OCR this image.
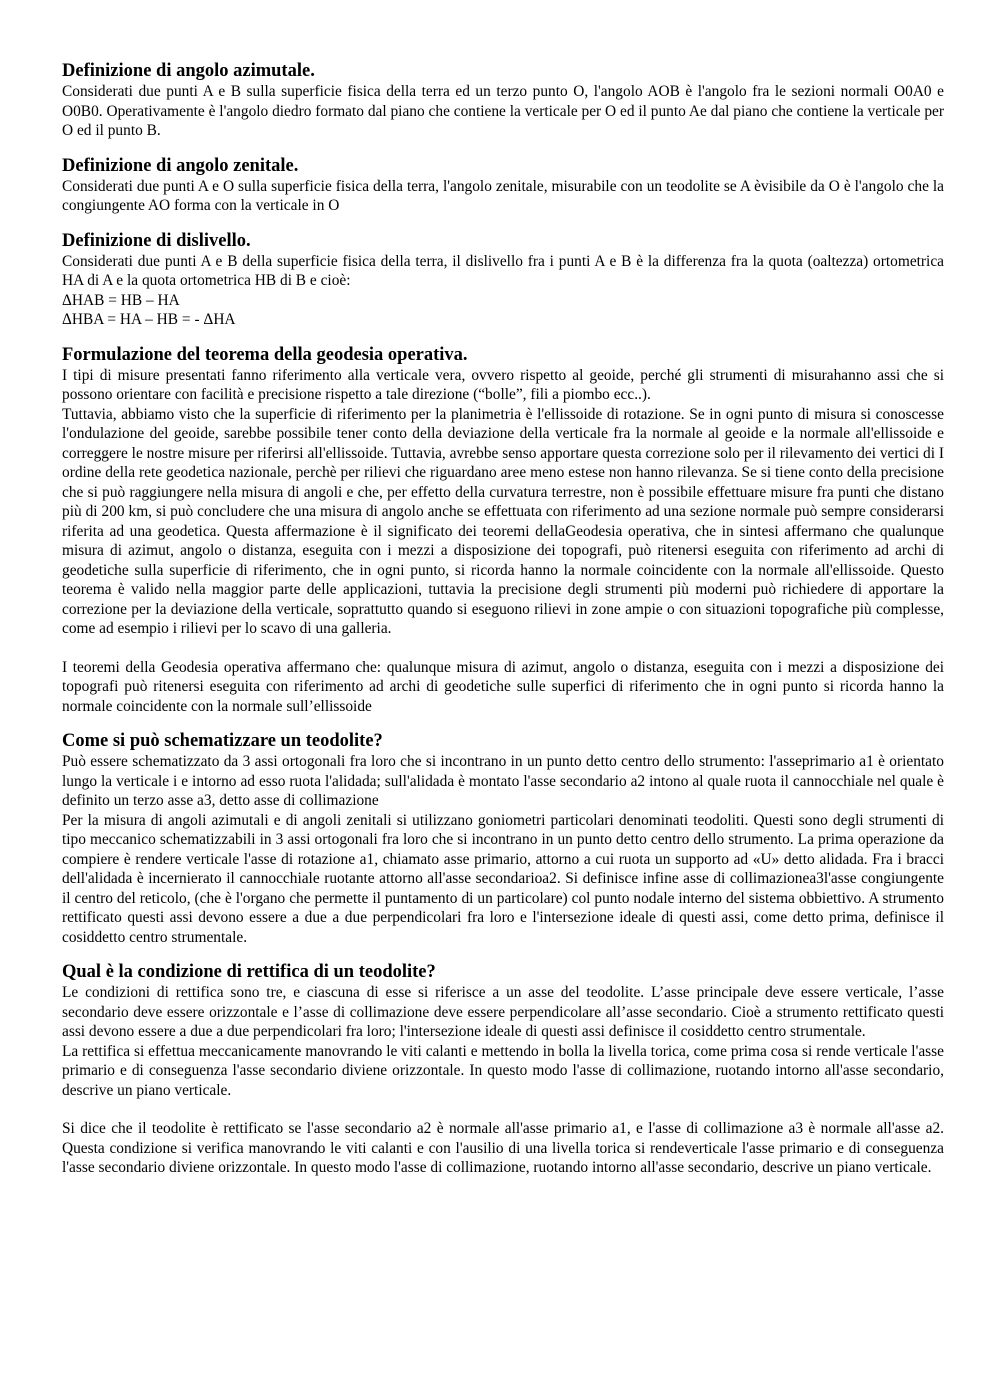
Definizione di angolo azimutale.

Considerati due punti A e B sulla superficie fisica della terra ed un terzo punto O, l'angolo AOB è l'angolo fra le sezioni normali O0A0 e O0B0. Operativamente è l'angolo diedro formato dal piano che contiene la verticale per O ed il punto Ae dal piano che contiene la verticale per O ed il punto B.

Definizione di angolo zenitale.

Considerati due punti A e O sulla superficie fisica della terra, l'angolo zenitale, misurabile con un teodolite se A èvisibile da O è l'angolo che la congiungente AO forma con la verticale in O

Definizione di dislivello.

Considerati due punti A e B della superficie fisica della terra, il dislivello fra i punti A e B è la differenza fra la quota (oaltezza) ortometrica HA di A e la quota ortometrica HB di B e cioè:

ΔHAB = HB – HA

ΔHBA = HA – HB = - ΔHA

Formulazione del teorema della geodesia operativa.

I tipi di misure presentati fanno riferimento alla verticale vera, ovvero rispetto al geoide, perché gli strumenti di misurahanno assi che si possono orientare con facilità e precisione rispetto a tale direzione (“bolle”, fili a piombo ecc..).

Tuttavia, abbiamo visto che la superficie di riferimento per la planimetria è l'ellissoide di rotazione. Se in ogni punto di misura si conoscesse l'ondulazione del geoide, sarebbe possibile tener conto della deviazione della verticale fra la normale al geoide e la normale all'ellissoide e correggere le nostre misure per riferirsi all'ellissoide. Tuttavia, avrebbe senso apportare questa correzione solo per il rilevamento dei vertici di I ordine della rete geodetica nazionale, perchè per rilievi che riguardano aree meno estese non hanno rilevanza. Se si tiene conto della precisione che si può raggiungere nella misura di angoli e che, per effetto della curvatura terrestre, non è possibile effettuare misure fra punti che distano più di 200 km, si può concludere che una misura di angolo anche se effettuata con riferimento ad una sezione normale può sempre considerarsi riferita ad una geodetica. Questa affermazione è il significato dei teoremi dellaGeodesia operativa, che in sintesi affermano che qualunque misura di azimut, angolo o distanza, eseguita con i mezzi a disposizione dei topografi, può ritenersi eseguita con riferimento ad archi di geodetiche sulla superficie di riferimento, che in ogni punto, si ricorda hanno la normale coincidente con la normale all'ellissoide. Questo teorema è valido nella maggior parte delle applicazioni, tuttavia la precisione degli strumenti più moderni può richiedere di apportare la correzione per la deviazione della verticale, soprattutto quando si eseguono rilievi in zone ampie o con situazioni topografiche più complesse, come ad esempio i rilievi per lo scavo di una galleria.

I teoremi della Geodesia operativa affermano che: qualunque misura di azimut, angolo o distanza, eseguita con i mezzi a disposizione dei topografi può ritenersi eseguita con riferimento ad archi di geodetiche sulle superfici di riferimento che in ogni punto si ricorda hanno la normale coincidente con la normale sull’ellissoide

Come si può schematizzare un teodolite?

Può essere schematizzato da 3 assi ortogonali fra loro che si incontrano in un punto detto centro dello strumento: l'asseprimario a1 è orientato lungo la verticale i e intorno ad esso ruota l'alidada; sull'alidada è montato l'asse secondario a2 intono al quale ruota il cannocchiale nel quale è definito un terzo asse a3, detto asse di collimazione

Per la misura di angoli azimutali e di angoli zenitali si utilizzano goniometri particolari denominati teodoliti. Questi sono degli strumenti di tipo meccanico schematizzabili in 3 assi ortogonali fra loro che si incontrano in un punto detto centro dello strumento. La prima operazione da compiere è rendere verticale l'asse di rotazione a1, chiamato asse primario, attorno a cui ruota un supporto ad «U» detto alidada. Fra i bracci dell'alidada è incernierato il cannocchiale ruotante attorno all'asse secondarioa2. Si definisce infine asse di collimazionea3l'asse congiungente il centro del reticolo, (che è l'organo che permette il puntamento di un particolare) col punto nodale interno del sistema obbiettivo. A strumento rettificato questi assi devono essere a due a due perpendicolari fra loro e l'intersezione ideale di questi assi, come detto prima, definisce il cosiddetto centro strumentale.

Qual è la condizione di rettifica di un teodolite?

Le condizioni di rettifica sono tre, e ciascuna di esse si riferisce a un asse del teodolite. L’asse principale deve essere verticale, l’asse secondario deve essere orizzontale e l’asse di collimazione deve essere perpendicolare all’asse secondario. Cioè a strumento rettificato questi assi devono essere a due a due perpendicolari fra loro; l'intersezione ideale di questi assi definisce il cosiddetto centro strumentale.

La rettifica si effettua meccanicamente manovrando le viti calanti e mettendo in bolla la livella torica, come prima cosa si rende verticale l'asse primario e di conseguenza l'asse secondario diviene orizzontale. In questo modo l'asse di collimazione, ruotando intorno all'asse secondario, descrive un piano verticale.

Si dice che il teodolite è rettificato se l'asse secondario a2 è normale all'asse primario a1, e l'asse di collimazione a3 è normale all'asse a2. Questa condizione si verifica manovrando le viti calanti e con l'ausilio di una livella torica si rendeverticale l'asse primario e di conseguenza l'asse secondario diviene orizzontale. In questo modo l'asse di collimazione, ruotando intorno all'asse secondario, descrive un piano verticale.
